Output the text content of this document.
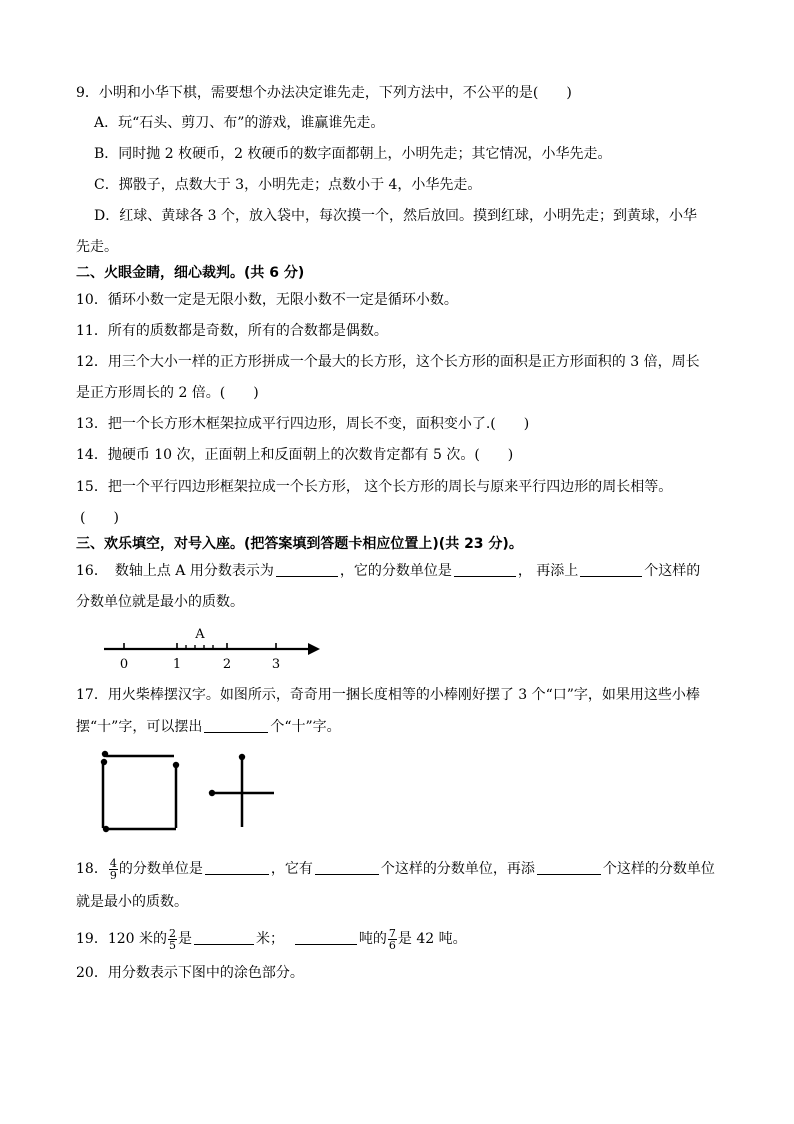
9．小明和小华下棋，需要想个办法决定谁先走，下列方法中，不公平的是(　　)
A．玩“石头、剪刀、布”的游戏，谁赢谁先走。
B．同时抛 2 枚硬币，2 枚硬币的数字面都朝上，小明先走；其它情况，小华先走。
C．掷骰子，点数大于 3，小明先走；点数小于 4，小华先走。
D．红球、黄球各 3 个，放入袋中，每次摸一个，然后放回。摸到红球，小明先走；到黄球，小华
先走。
二、火眼金睛，细心裁判。(共 6 分)
10．循环小数一定是无限小数，无限小数不一定是循环小数。
11．所有的质数都是奇数，所有的合数都是偶数。
12．用三个大小一样的正方形拼成一个最大的长方形，这个长方形的面积是正方形面积的 3 倍，周长
是正方形周长的 2 倍。(　　)
13．把一个长方形木框架拉成平行四边形，周长不变，面积变小了.(　　)
14．抛硬币 10 次，正面朝上和反面朝上的次数肯定都有 5 次。(　　)
15．把一个平行四边形框架拉成一个长方形， 这个长方形的周长与原来平行四边形的周长相等。
(　　)
三、欢乐填空，对号入座。(把答案填到答题卡相应位置上)(共 23 分)。
16．　数轴上点 A 用分数表示为	，它的分数单位是	， 再添上	个这样的
分数单位就是最小的质数。
A
0	1	2	3
17．用火柴棒摆汉字。如图所示，奇奇用一捆长度相等的小棒刚好摆了 3 个“口”字，如果用这些小棒
摆“十”字，可以摆出	个“十”字。
18． $\frac{4}{9}$ 的分数单位是	，它有	个这样的分数单位，再添	个这样的分数单位
就是最小的质数。
19．120 米的 $\frac{2}{5}$ 是	米；	吨的 $\frac{7}{6}$ 是 42 吨。
20．用分数表示下图中的涂色部分。
